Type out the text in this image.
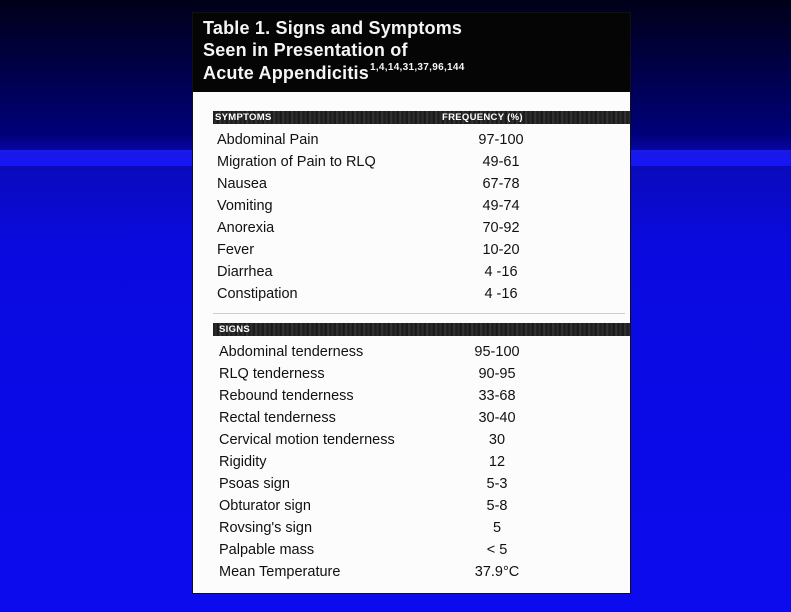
Table 1. Signs and Symptoms
Seen in Presentation of
Acute Appendicitis$^{1,4,14,31,37,96,144}$
SYMPTOMS	FREQUENCY (%)
Abdominal Pain	97-100
Migration of Pain to RLQ	49-61
Nausea	67-78
Vomiting	49-74
Anorexia	70-92
Fever	10-20
Diarrhea	4 -16
Constipation	4 -16
SIGNS
Abdominal tenderness	95-100
RLQ tenderness	90-95
Rebound tenderness	33-68
Rectal tenderness	30-40
Cervical motion tenderness	30
Rigidity	12
Psoas sign	5-3
Obturator sign	5-8
Rovsing's sign	5
Palpable mass	< 5
Mean Temperature	37.9°C
